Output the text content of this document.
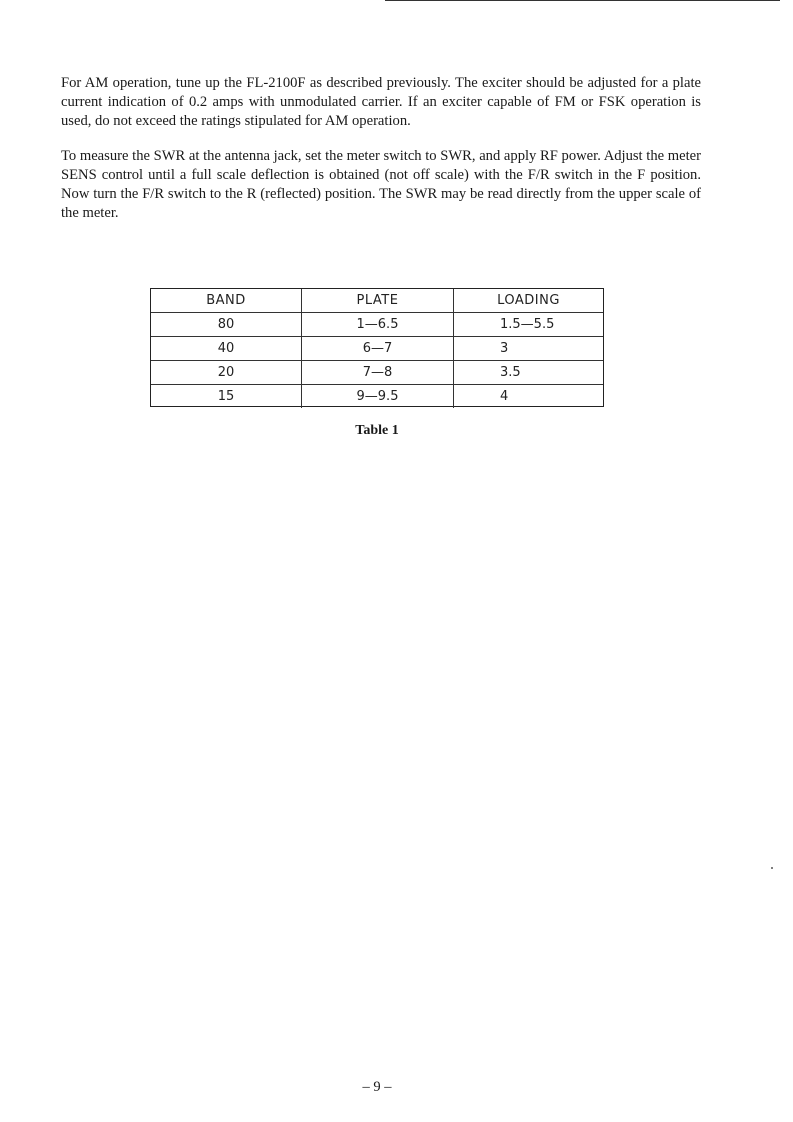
For AM operation, tune up the FL-2100F as described previously. The exciter should be adjusted for a plate current indication of 0.2 amps with unmodulated carrier. If an exciter capable of FM or FSK operation is used, do not exceed the ratings stipulated for AM operation.

To measure the SWR at the antenna jack, set the meter switch to SWR, and apply RF power. Adjust the meter SENS control until a full scale deflection is obtained (not off scale) with the F/R switch in the F position. Now turn the F/R switch to the R (reflected) position. The SWR may be read directly from the upper scale of the meter.

BAND	PLATE	LOADING
80	1—6.5	1.5—5.5
40	6—7	3
20	7—8	3.5
15	9—9.5	4
Table 1
– 9 –
